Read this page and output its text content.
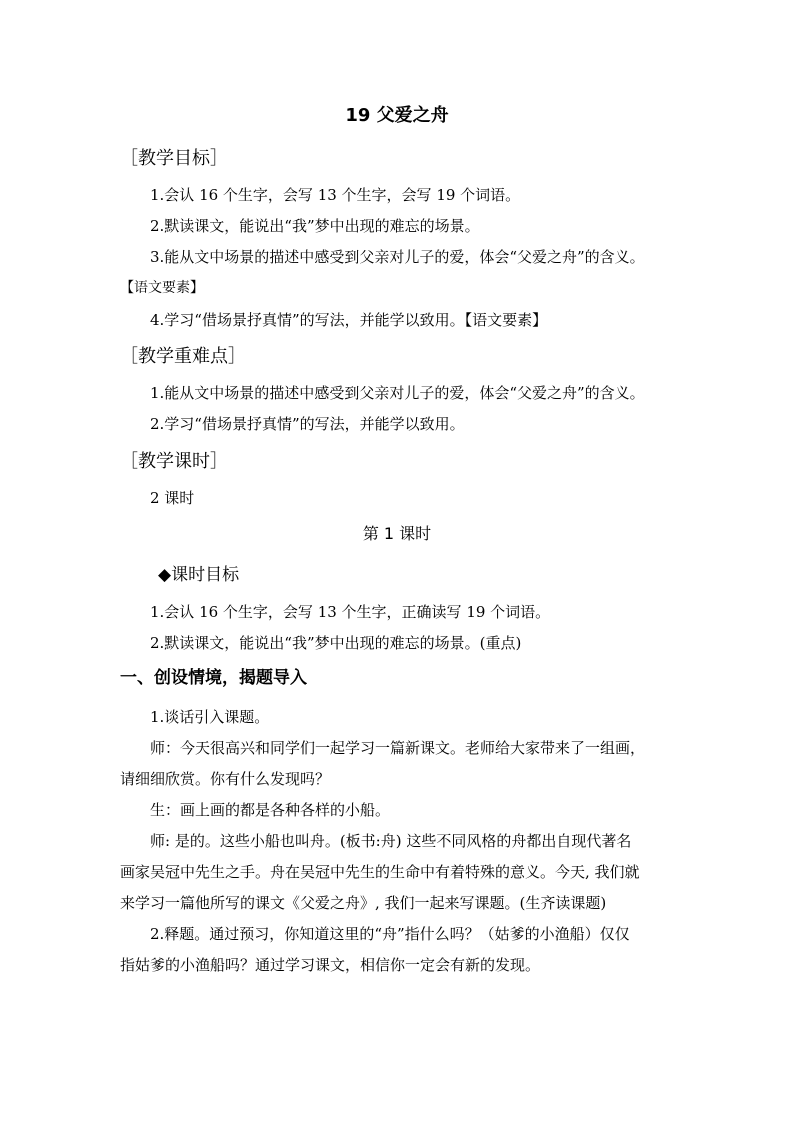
19 父爱之舟
［教学目标］
1.会认 16 个生字，会写 13 个生字，会写 19 个词语。
2.默读课文，能说出“我”梦中出现的难忘的场景。
3.能从文中场景的描述中感受到父亲对儿子的爱，体会“父爱之舟”的含义。
【语文要素】
4.学习“借场景抒真情”的写法，并能学以致用。【语文要素】
［教学重难点］
1.能从文中场景的描述中感受到父亲对儿子的爱，体会“父爱之舟”的含义。
2.学习“借场景抒真情”的写法，并能学以致用。
［教学课时］
2 课时
第 1 课时
◆课时目标
1.会认 16 个生字，会写 13 个生字，正确读写 19 个词语。
2.默读课文，能说出“我”梦中出现的难忘的场景。(重点)
一、创设情境，揭题导入
1.谈话引入课题。
师：今天很高兴和同学们一起学习一篇新课文。老师给大家带来了一组画，
请细细欣赏。你有什么发现吗？
生：画上画的都是各种各样的小船。
师: 是的。这些小船也叫舟。(板书:舟) 这些不同风格的舟都出自现代著名
画家吴冠中先生之手。舟在吴冠中先生的生命中有着特殊的意义。今天, 我们就
来学习一篇他所写的课文《父爱之舟》, 我们一起来写课题。(生齐读课题)
2.释题。通过预习，你知道这里的“舟”指什么吗？（姑爹的小渔船）仅仅
指姑爹的小渔船吗？通过学习课文，相信你一定会有新的发现。
